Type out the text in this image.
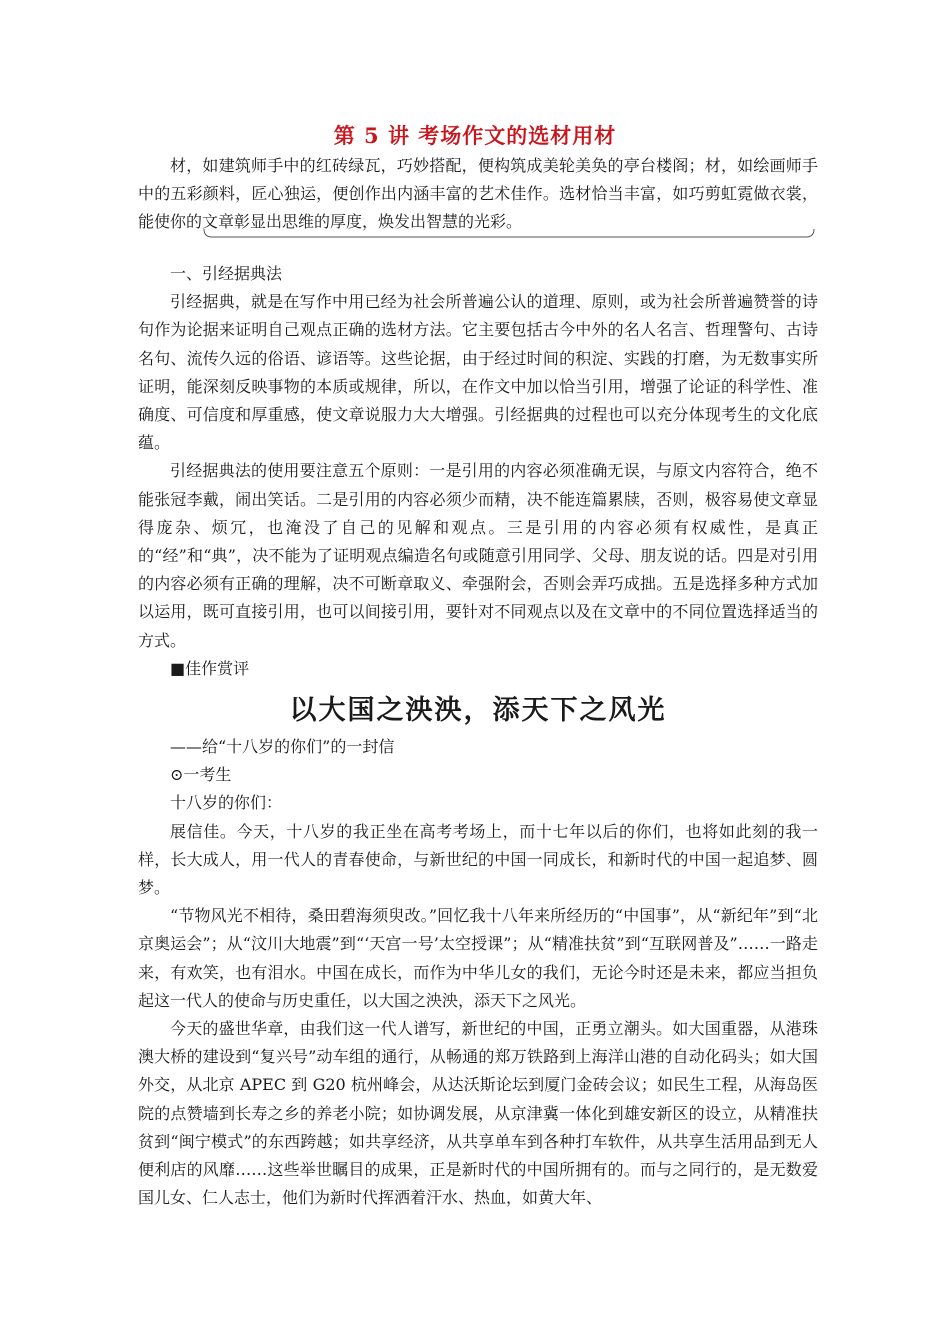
第 5 讲 考场作文的选材用材

材，如建筑师手中的红砖绿瓦，巧妙搭配，便构筑成美轮美奂的亭台楼阁；材，如绘画师手中的五彩颜料，匠心独运，便创作出内涵丰富的艺术佳作。选材恰当丰富，如巧剪虹霓做衣裳，能使你的文章彰显出思维的厚度，焕发出智慧的光彩。

一、引经据典法

引经据典，就是在写作中用已经为社会所普遍公认的道理、原则，或为社会所普遍赞誉的诗句作为论据来证明自己观点正确的选材方法。它主要包括古今中外的名人名言、哲理警句、古诗名句、流传久远的俗语、谚语等。这些论据，由于经过时间的积淀、实践的打磨，为无数事实所证明，能深刻反映事物的本质或规律，所以，在作文中加以恰当引用，增强了论证的科学性、准确度、可信度和厚重感，使文章说服力大大增强。引经据典的过程也可以充分体现考生的文化底蕴。

引经据典法的使用要注意五个原则：一是引用的内容必须准确无误，与原文内容符合，绝不能张冠李戴，闹出笑话。二是引用的内容必须少而精，决不能连篇累牍，否则，极容易使文章显得庞杂、烦冗，也淹没了自己的见解和观点。三是引用的内容必须有权威性，是真正的“经”和“典”，决不能为了证明观点编造名句或随意引用同学、父母、朋友说的话。四是对引用的内容必须有正确的理解，决不可断章取义、牵强附会，否则会弄巧成拙。五是选择多种方式加以运用，既可直接引用，也可以间接引用，要针对不同观点以及在文章中的不同位置选择适当的方式。

■佳作赏评

以大国之泱泱，添天下之风光

——给“十八岁的你们”的一封信

⊙一考生

十八岁的你们：

展信佳。今天，十八岁的我正坐在高考考场上，而十七年以后的你们，也将如此刻的我一样，长大成人，用一代人的青春使命，与新世纪的中国一同成长，和新时代的中国一起追梦、圆梦。

“节物风光不相待，桑田碧海须臾改。”回忆我十八年来所经历的“中国事”，从“新纪年”到“北京奥运会”；从“汶川大地震”到“‘天宫一号’太空授课”；从“精准扶贫”到“互联网普及”……一路走来，有欢笑，也有泪水。中国在成长，而作为中华儿女的我们，无论今时还是未来，都应当担负起这一代人的使命与历史重任，以大国之泱泱，添天下之风光。

今天的盛世华章，由我们这一代人谱写，新世纪的中国，正勇立潮头。如大国重器，从港珠澳大桥的建设到“复兴号”动车组的通行，从畅通的郑万铁路到上海洋山港的自动化码头；如大国外交，从北京 APEC 到 G20 杭州峰会，从达沃斯论坛到厦门金砖会议；如民生工程，从海岛医院的点赞墙到长寿之乡的养老小院；如协调发展，从京津冀一体化到雄安新区的设立，从精准扶贫到“闽宁模式”的东西跨越；如共享经济，从共享单车到各种打车软件，从共享生活用品到无人便利店的风靡……这些举世瞩目的成果，正是新时代的中国所拥有的。而与之同行的，是无数爱国儿女、仁人志士，他们为新时代挥洒着汗水、热血，如黄大年、
